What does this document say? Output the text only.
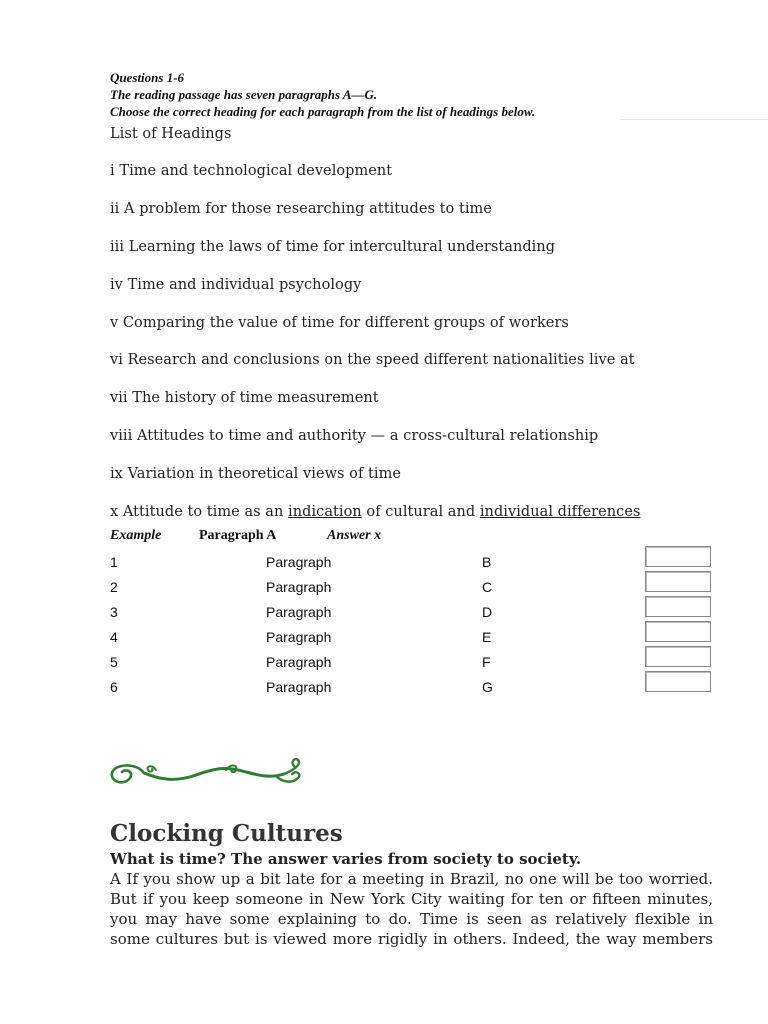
Questions 1-6
The reading passage has seven paragraphs A—G.
Choose the correct heading for each paragraph from the list of headings below.
List of Headings
i Time and technological development
ii A problem for those researching attitudes to time
iii Learning the laws of time for intercultural understanding
iv Time and individual psychology
v Comparing the value of time for different groups of workers
vi Research and conclusions on the speed different nationalities live at
vii The history of time measurement
viii Attitudes to time and authority — a cross-cultural relationship
ix Variation in theoretical views of time
x Attitude to time as an indication of cultural and individual differences
Example	Paragraph A	Answer x
1	Paragraph	B
2	Paragraph	C
3	Paragraph	D
4	Paragraph	E
5	Paragraph	F
6	Paragraph	G
Clocking Cultures
What is time? The answer varies from society to society.
A If you show up a bit late for a meeting in Brazil, no one will be too worried.
But if you keep someone in New York City waiting for ten or fifteen minutes,
you may have some explaining to do. Time is seen as relatively flexible in
some cultures but is viewed more rigidly in others. Indeed, the way members
